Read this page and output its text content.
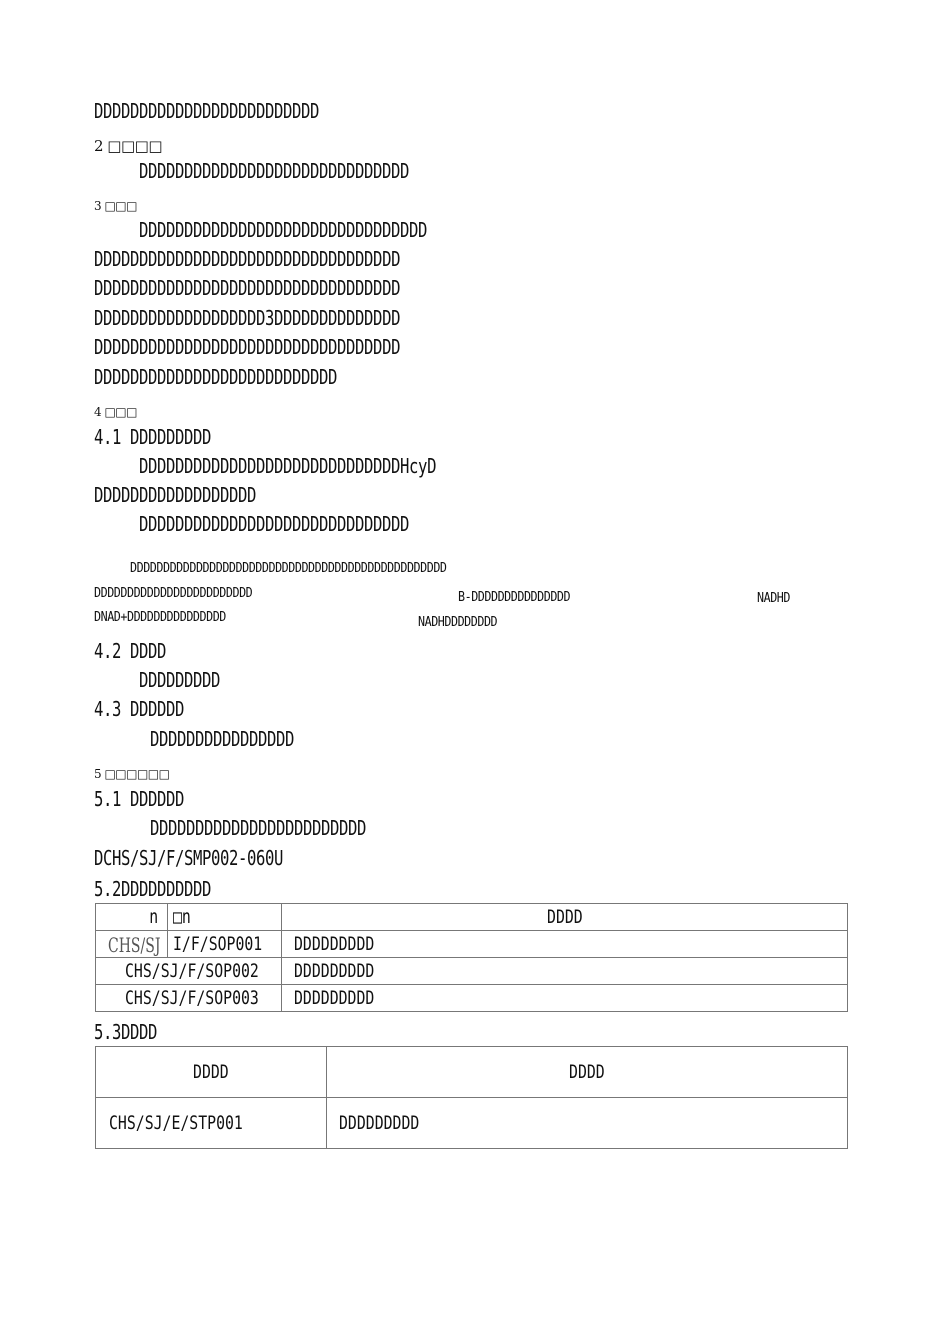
DDDDDDDDDDDDDDDDDDDDDDDDD
2 □□□□
DDDDDDDDDDDDDDDDDDDDDDDDDDDDDD
3 □□□
DDDDDDDDDDDDDDDDDDDDDDDDDDDDDDDD
DDDDDDDDDDDDDDDDDDDDDDDDDDDDDDDDDD
DDDDDDDDDDDDDDDDDDDDDDDDDDDDDDDDDD
DDDDDDDDDDDDDDDDDDD3DDDDDDDDDDDDDD
DDDDDDDDDDDDDDDDDDDDDDDDDDDDDDDDDD
DDDDDDDDDDDDDDDDDDDDDDDDDDD
4 □□□
4.1 DDDDDDDDD
DDDDDDDDDDDDDDDDDDDDDDDDDDDDDHcyD
DDDDDDDDDDDDDDDDDD
DDDDDDDDDDDDDDDDDDDDDDDDDDDDDD
DDDDDDDDDDDDDDDDDDDDDDDDDDDDDDDDDDDDDDDDDDDDDDDD
DDDDDDDDDDDDDDDDDDDDDDDD	B-DDDDDDDDDDDDDDD	NADHD
DNAD+DDDDDDDDDDDDDDD	NADHDDDDDDDD
4.2 DDDD
DDDDDDDDD
4.3 DDDDDD
DDDDDDDDDDDDDDDD
5 □□□□□□
5.1 DDDDDD
DDDDDDDDDDDDDDDDDDDDDDDD
DCHS/SJ/F/SMP002-060U
5.2DDDDDDDDDD
n	□n	DDDD
CHS/SJ	I/F/SOP001	DDDDDDDDD
CHS/SJ/F/SOP002		DDDDDDDDD
CHS/SJ/F/SOP003		DDDDDDDDD
5.3DDDD
DDDD	DDDD
CHS/SJ/E/STP001	DDDDDDDDD
